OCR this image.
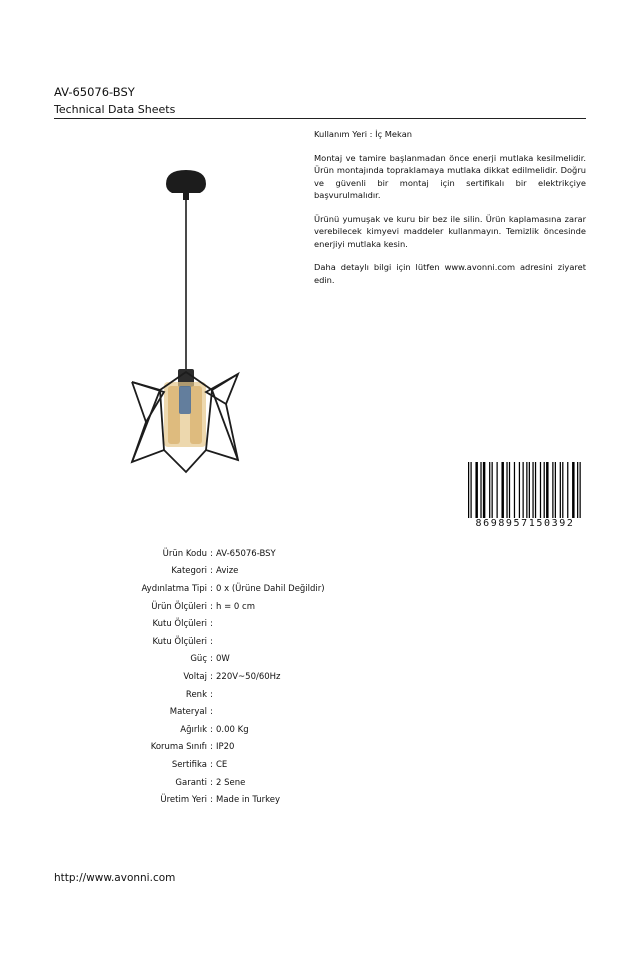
AV-65076-BSY
Technical Data Sheets

Kullanım Yeri : İç Mekan

Montaj ve tamire başlanmadan önce enerji mutlaka kesilmelidir. Ürün montajında topraklamaya mutlaka dikkat edilmelidir. Doğru ve güvenli bir montaj için sertifikalı bir elektrikçiye başvurulmalıdır.

Ürünü yumuşak ve kuru bir bez ile silin. Ürün kaplamasına zarar verebilecek kimyevi maddeler kullanmayın. Temizlik öncesinde enerjiyi mutlaka kesin.

Daha detaylı bilgi için lütfen www.avonni.com adresini ziyaret edin.

8698957150392
Ürün Kodu : AV-65076-BSY
Kategori : Avize
Aydınlatma Tipi : 0 x (Ürüne Dahil Değildir)
Ürün Ölçüleri : h = 0 cm
Kutu Ölçüleri :
Kutu Ölçüleri :
Güç : 0W
Voltaj : 220V~50/60Hz
Renk :
Materyal :
Ağırlık : 0.00 Kg
Koruma Sınıfı : IP20
Sertifika : CE
Garanti : 2 Sene
Üretim Yeri : Made in Turkey
http://www.avonni.com
